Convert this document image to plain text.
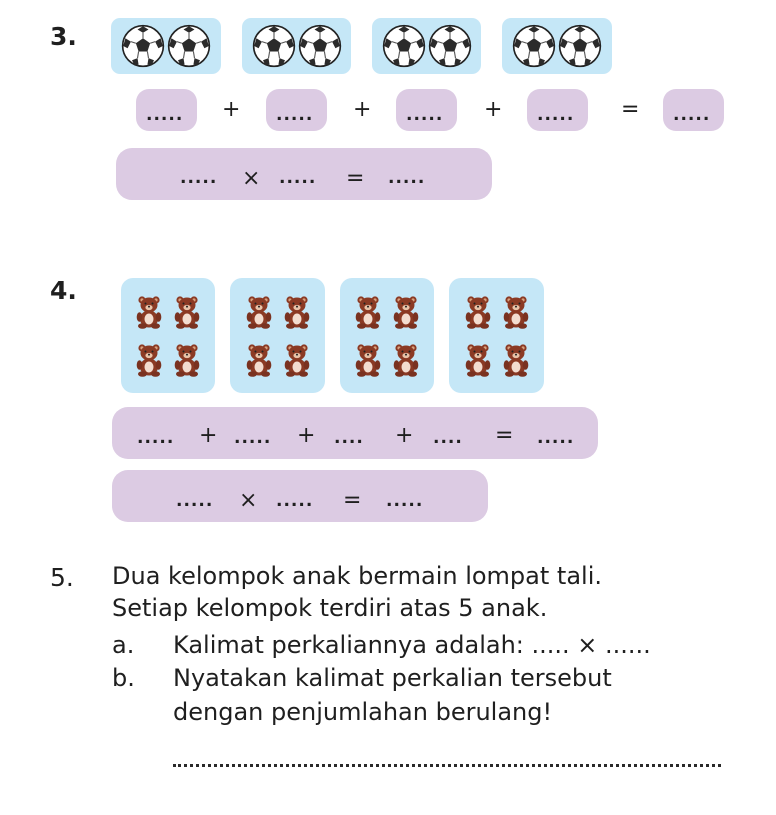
3.
..... + ..... + ..... + ..... = .....
..... × ..... = .....
4.
..... + ..... + .... + .... = .....
..... × ..... = .....
5. Dua kelompok anak bermain lompat tali.
Setiap kelompok terdiri atas 5 anak.
a. Kalimat perkaliannya adalah: ..... × ......
b. Nyatakan kalimat perkalian tersebut
dengan penjumlahan berulang!
